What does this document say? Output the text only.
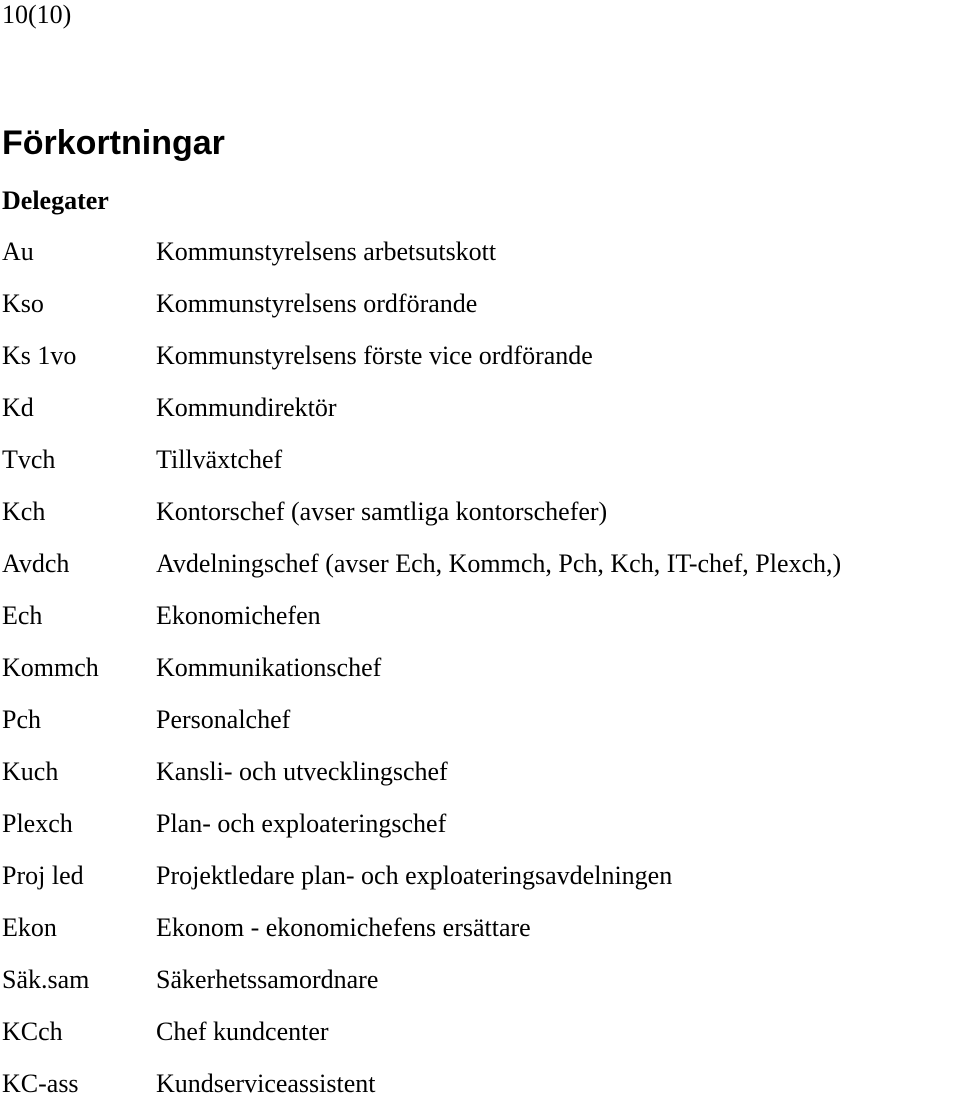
10(10)
Förkortningar
Delegater
Au	Kommunstyrelsens arbetsutskott
Kso	Kommunstyrelsens ordförande
Ks 1vo	Kommunstyrelsens förste vice ordförande
Kd	Kommundirektör
Tvch	Tillväxtchef
Kch	Kontorschef (avser samtliga kontorschefer)
Avdch	Avdelningschef (avser Ech, Kommch, Pch, Kch, IT-chef, Plexch,)
Ech	Ekonomichefen
Kommch Kommunikationschef
Pch	Personalchef
Kuch	Kansli- och utvecklingschef
Plexch	Plan- och exploateringschef
Proj led	Projektledare plan- och exploateringsavdelningen
Ekon	Ekonom - ekonomichefens ersättare
Säk.sam	Säkerhetssamordnare
KCch	Chef kundcenter
KC-ass	Kundserviceassistent
